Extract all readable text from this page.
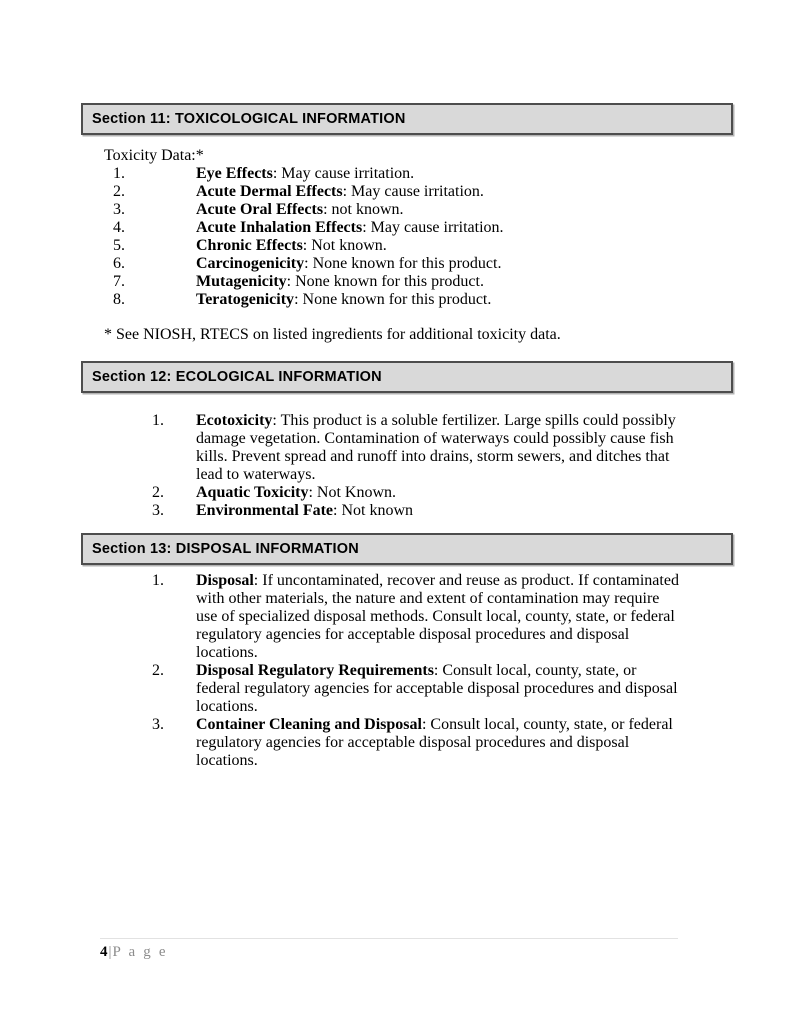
Section 11: TOXICOLOGICAL INFORMATION
Toxicity Data:*
1.	Eye Effects: May cause irritation.
2.	Acute Dermal Effects: May cause irritation.
3.	Acute Oral Effects: not known.
4.	Acute Inhalation Effects: May cause irritation.
5.	Chronic Effects: Not known.
6.	Carcinogenicity: None known for this product.
7.	Mutagenicity: None known for this product.
8.	Teratogenicity: None known for this product.
* See NIOSH, RTECS on listed ingredients for additional toxicity data.
Section 12: ECOLOGICAL INFORMATION
1.	Ecotoxicity: This product is a soluble fertilizer. Large spills could possibly damage vegetation. Contamination of waterways could possibly cause fish kills. Prevent spread and runoff into drains, storm sewers, and ditches that lead to waterways.
2.	Aquatic Toxicity: Not Known.
3.	Environmental Fate: Not known
Section 13: DISPOSAL INFORMATION
1.	Disposal: If uncontaminated, recover and reuse as product. If contaminated with other materials, the nature and extent of contamination may require use of specialized disposal methods. Consult local, county, state, or federal regulatory agencies for acceptable disposal procedures and disposal locations.
2.	Disposal Regulatory Requirements: Consult local, county, state, or federal regulatory agencies for acceptable disposal procedures and disposal locations.
3.	Container Cleaning and Disposal: Consult local, county, state, or federal regulatory agencies for acceptable disposal procedures and disposal locations.
4|P a g e
